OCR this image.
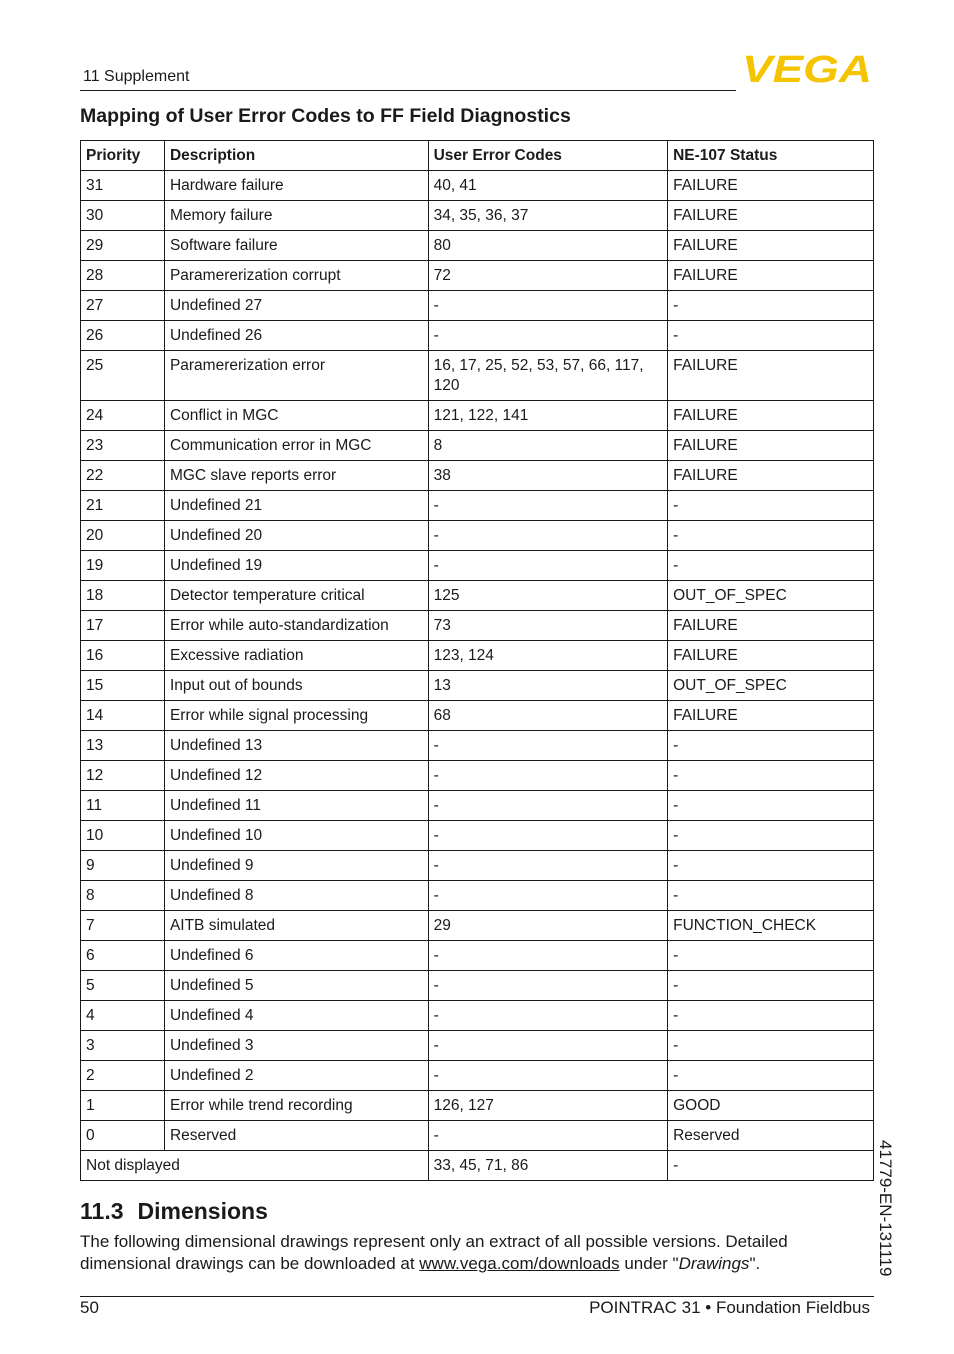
11 Supplement	VEGA
Mapping of User Error Codes to FF Field Diagnostics
Priority	Description	User Error Codes	NE-107 Status
31	Hardware failure	40, 41	FAILURE
30	Memory failure	34, 35, 36, 37	FAILURE
29	Software failure	80	FAILURE
28	Paramererization corrupt	72	FAILURE
27	Undefined 27	-	-
26	Undefined 26	-	-
25	Paramererization error	16, 17, 25, 52, 53, 57, 66, 117, 120	FAILURE
24	Conflict in MGC	121, 122, 141	FAILURE
23	Communication error in MGC	8	FAILURE
22	MGC slave reports error	38	FAILURE
21	Undefined 21	-	-
20	Undefined 20	-	-
19	Undefined 19	-	-
18	Detector temperature critical	125	OUT_OF_SPEC
17	Error while auto-standardization	73	FAILURE
16	Excessive radiation	123, 124	FAILURE
15	Input out of bounds	13	OUT_OF_SPEC
14	Error while signal processing	68	FAILURE
13	Undefined 13	-	-
12	Undefined 12	-	-
11	Undefined 11	-	-
10	Undefined 10	-	-
9	Undefined 9	-	-
8	Undefined 8	-	-
7	AITB simulated	29	FUNCTION_CHECK
6	Undefined 6	-	-
5	Undefined 5	-	-
4	Undefined 4	-	-
3	Undefined 3	-	-
2	Undefined 2	-	-
1	Error while trend recording	126, 127	GOOD
0	Reserved	-	Reserved
Not displayed		33, 45, 71, 86	-
11.3 Dimensions
The following dimensional drawings represent only an extract of all possible versions. Detailed dimensional drawings can be downloaded at www.vega.com/downloads under "Drawings".
50	POINTRAC 31 • Foundation Fieldbus
41779-EN-131119
